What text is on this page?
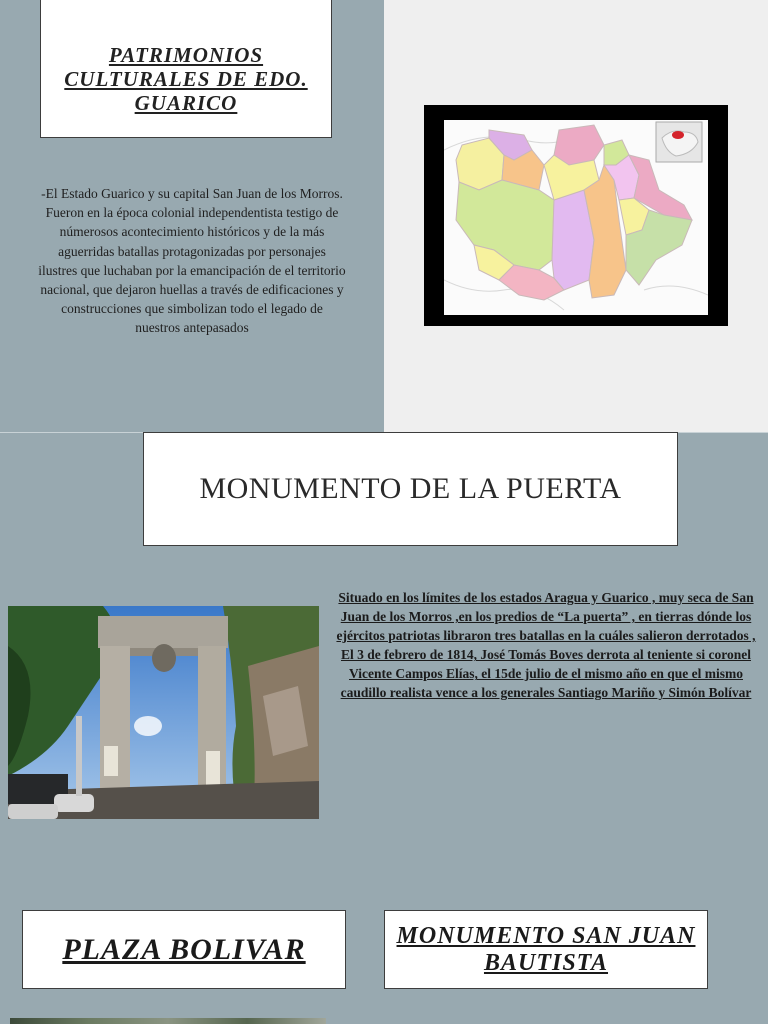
PATRIMONIOS CULTURALES DE EDO. GUARICO
-El Estado Guarico y su capital San Juan de los Morros. Fueron en la época colonial independentista testigo de númerosos acontecimiento históricos y de la más aguerridas batallas protagonizadas por personajes ilustres que luchaban por la emancipación de el territorio nacional, que dejaron huellas a través de edificaciones y construcciones que simbolizan todo el legado de nuestros antepasados
MONUMENTO DE LA PUERTA
Situado en los límites de los estados Aragua y Guarico , muy seca de San Juan de los Morros ,en los predios de “La puerta” , en tierras dónde los ejércitos patriotas libraron tres batallas en la cuáles salieron derrotados , El 3 de febrero de 1814, José Tomás Boves derrota al teniente si coronel Vicente Campos Elías, el 15de julio de el mismo año en que el mismo caudillo realista vence a los generales Santiago Mariño y Simón Bolívar
PLAZA BOLIVAR	MONUMENTO SAN JUAN BAUTISTA
